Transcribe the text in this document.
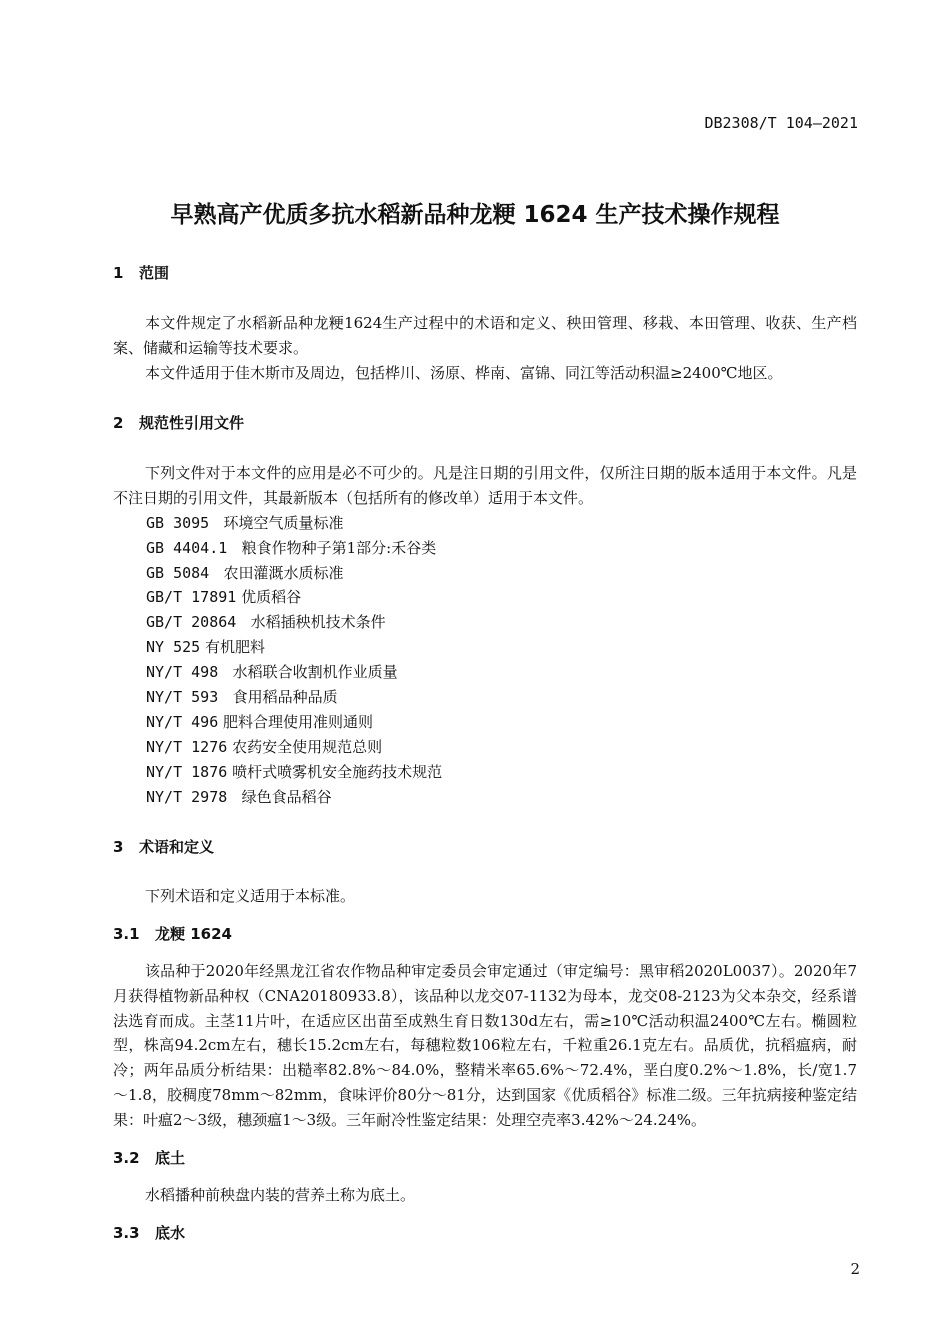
DB2308/T 104—2021
早熟高产优质多抗水稻新品种龙粳 1624 生产技术操作规程
1 范围

本文件规定了水稻新品种龙粳1624生产过程中的术语和定义、秧田管理、移栽、本田管理、收获、生产档案、储藏和运输等技术要求。

本文件适用于佳木斯市及周边，包括桦川、汤原、桦南、富锦、同江等活动积温≥2400℃地区。

2 规范性引用文件

下列文件对于本文件的应用是必不可少的。凡是注日期的引用文件，仅所注日期的版本适用于本文件。凡是不注日期的引用文件，其最新版本（包括所有的修改单）适用于本文件。

GB 3095 环境空气质量标准
GB 4404.1 粮食作物种子第1部分:禾谷类
GB 5084 农田灌溉水质标准
GB/T 17891 优质稻谷
GB/T 20864 水稻插秧机技术条件
NY 525 有机肥料
NY/T 498 水稻联合收割机作业质量
NY/T 593 食用稻品种品质
NY/T 496 肥料合理使用准则通则
NY/T 1276 农药安全使用规范总则
NY/T 1876 喷杆式喷雾机安全施药技术规范
NY/T 2978 绿色食品稻谷
3 术语和定义

下列术语和定义适用于本标准。

3.1 龙粳 1624

该品种于2020年经黑龙江省农作物品种审定委员会审定通过（审定编号：黑审稻2020L0037）。2020年7月获得植物新品种权（CNA20180933.8），该品种以龙交07-1132为母本，龙交08-2123为父本杂交，经系谱法选育而成。主茎11片叶，在适应区出苗至成熟生育日数130d左右，需≥10℃活动积温2400℃左右。椭圆粒型，株高94.2cm左右，穗长15.2cm左右，每穗粒数106粒左右，千粒重26.1克左右。品质优，抗稻瘟病，耐冷；两年品质分析结果：出糙率82.8%～84.0%，整精米率65.6%～72.4%，垩白度0.2%～1.8%，长/宽1.7～1.8，胶稠度78mm～82mm，食味评价80分～81分，达到国家《优质稻谷》标准二级。三年抗病接种鉴定结果：叶瘟2～3级，穗颈瘟1～3级。三年耐冷性鉴定结果：处理空壳率3.42%～24.24%。

3.2 底土

水稻播种前秧盘内装的营养土称为底土。

3.3 底水
2
